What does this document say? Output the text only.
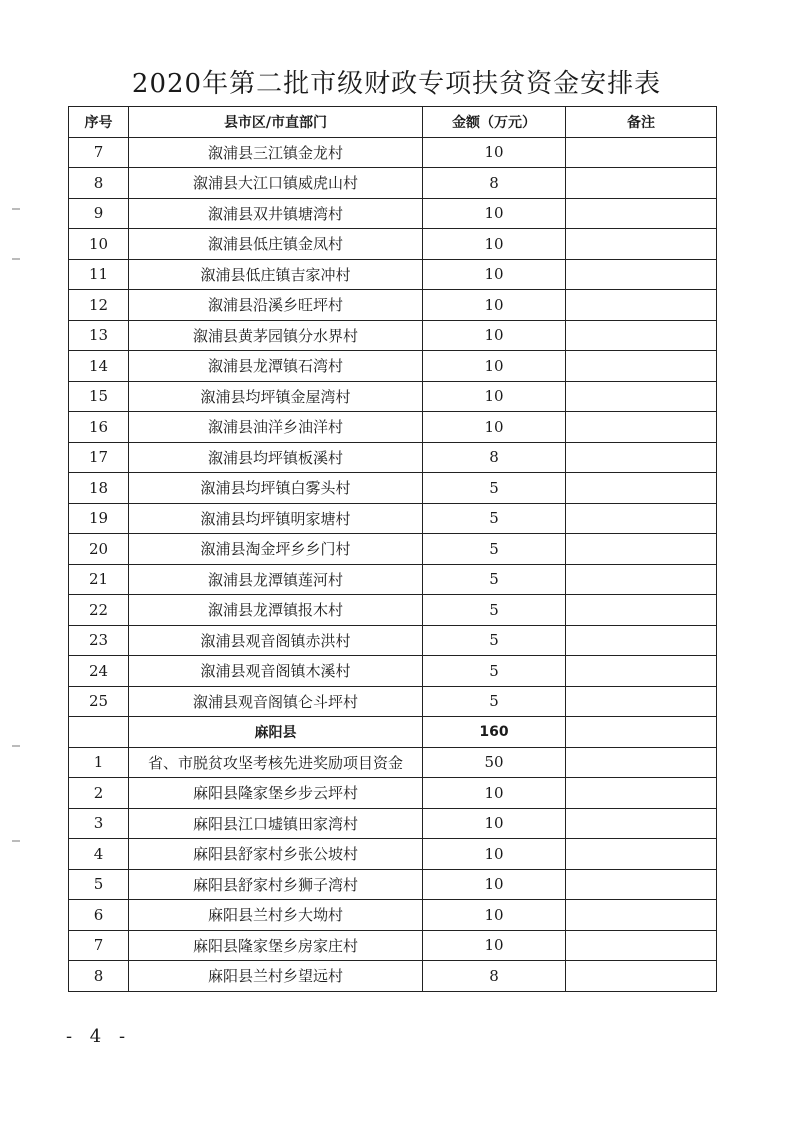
2020年第二批市级财政专项扶贫资金安排表
序号	县市区/市直部门	金额（万元）	备注
7	溆浦县三江镇金龙村	10	
8	溆浦县大江口镇威虎山村	8	
9	溆浦县双井镇塘湾村	10	
10	溆浦县低庄镇金凤村	10	
11	溆浦县低庄镇吉家冲村	10	
12	溆浦县沿溪乡旺坪村	10	
13	溆浦县黄茅园镇分水界村	10	
14	溆浦县龙潭镇石湾村	10	
15	溆浦县均坪镇金屋湾村	10	
16	溆浦县油洋乡油洋村	10	
17	溆浦县均坪镇板溪村	8	
18	溆浦县均坪镇白雾头村	5	
19	溆浦县均坪镇明家塘村	5	
20	溆浦县淘金坪乡乡门村	5	
21	溆浦县龙潭镇莲河村	5	
22	溆浦县龙潭镇报木村	5	
23	溆浦县观音阁镇赤洪村	5	
24	溆浦县观音阁镇木溪村	5	
25	溆浦县观音阁镇仑斗坪村	5	
	麻阳县	160	
1	省、市脱贫攻坚考核先进奖励项目资金	50	
2	麻阳县隆家堡乡步云坪村	10	
3	麻阳县江口墟镇田家湾村	10	
4	麻阳县舒家村乡张公坡村	10	
5	麻阳县舒家村乡狮子湾村	10	
6	麻阳县兰村乡大坳村	10	
7	麻阳县隆家堡乡房家庄村	10	
8	麻阳县兰村乡望远村	8	
- 4 -
